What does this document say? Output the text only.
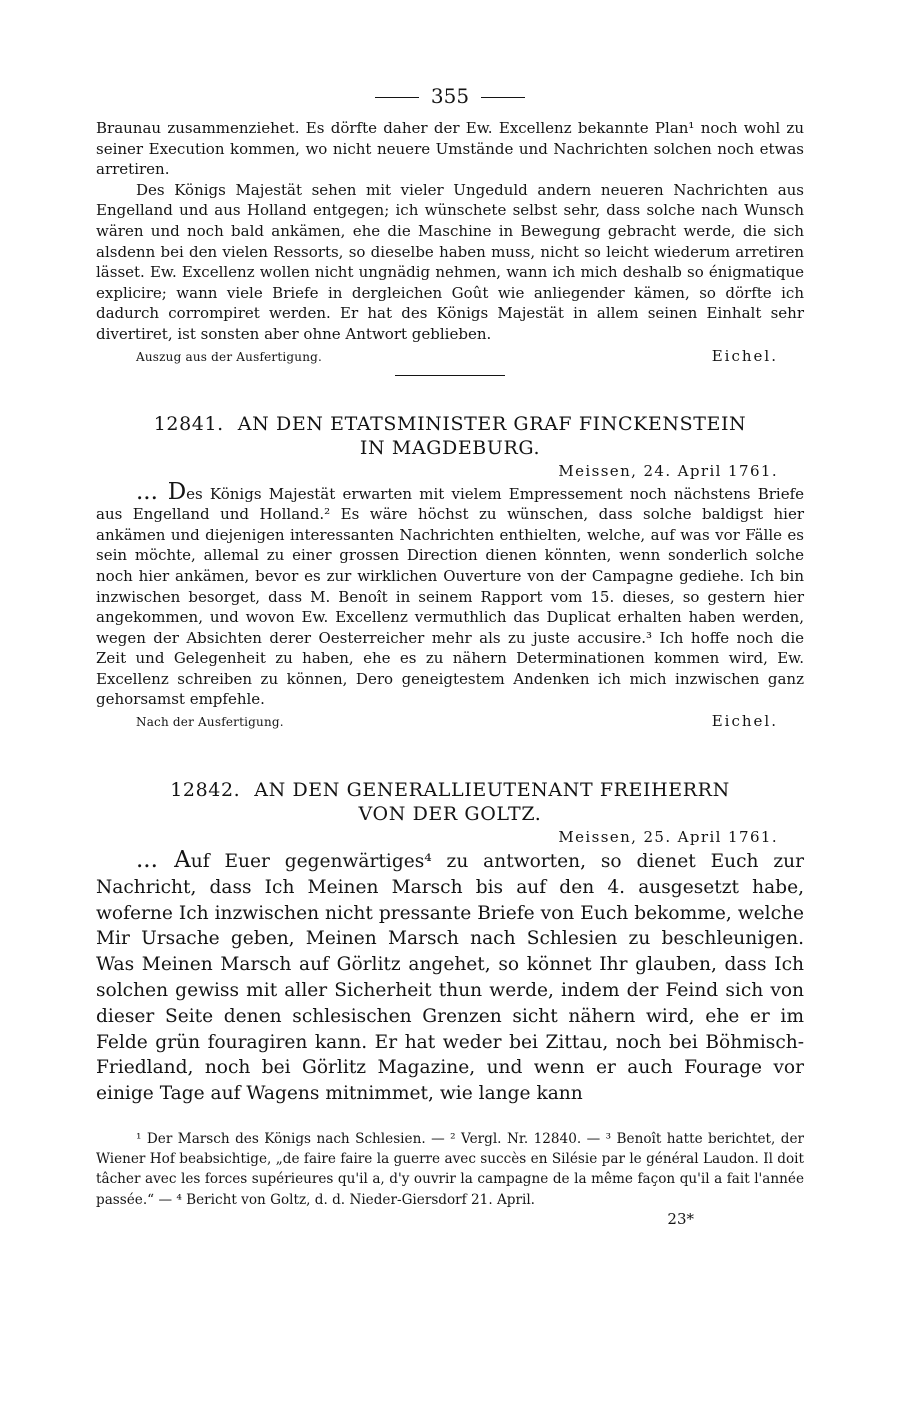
355

Braunau zusammenziehet. Es dörfte daher der Ew. Excellenz bekannte Plan¹ noch wohl zu seiner Execution kommen, wo nicht neuere Umstände und Nachrichten solchen noch etwas arretiren.

Des Königs Majestät sehen mit vieler Ungeduld andern neueren Nachrichten aus Engelland und aus Holland entgegen; ich wünschete selbst sehr, dass solche nach Wunsch wären und noch bald ankämen, ehe die Maschine in Bewegung gebracht werde, die sich alsdenn bei den vielen Ressorts, so dieselbe haben muss, nicht so leicht wiederum arretiren lässet. Ew. Excellenz wollen nicht ungnädig nehmen, wann ich mich deshalb so énigmatique explicire; wann viele Briefe in dergleichen Goût wie anliegender kämen, so dörfte ich dadurch corrompiret werden. Er hat des Königs Majestät in allem seinen Einhalt sehr divertiret, ist sonsten aber ohne Antwort geblieben.

Auszug aus der Ausfertigung.	Eichel.
12841. AN DEN ETATSMINISTER GRAF FINCKENSTEIN
IN MAGDEBURG.
Meissen, 24. April 1761.

... Des Königs Majestät erwarten mit vielem Empressement noch nächstens Briefe aus Engelland und Holland.² Es wäre höchst zu wünschen, dass solche baldigst hier ankämen und diejenigen interessanten Nachrichten enthielten, welche, auf was vor Fälle es sein möchte, allemal zu einer grossen Direction dienen könnten, wenn sonderlich solche noch hier ankämen, bevor es zur wirklichen Ouverture von der Campagne gediehe. Ich bin inzwischen besorget, dass M. Benoît in seinem Rapport vom 15. dieses, so gestern hier angekommen, und wovon Ew. Excellenz vermuthlich das Duplicat erhalten haben werden, wegen der Absichten derer Oesterreicher mehr als zu juste accusire.³ Ich hoffe noch die Zeit und Gelegenheit zu haben, ehe es zu nähern Determinationen kommen wird, Ew. Excellenz schreiben zu können, Dero geneigtestem Andenken ich mich inzwischen ganz gehorsamst empfehle.

Nach der Ausfertigung.	Eichel.
12842. AN DEN GENERALLIEUTENANT FREIHERRN
VON DER GOLTZ.
Meissen, 25. April 1761.

... Auf Euer gegenwärtiges⁴ zu antworten, so dienet Euch zur Nachricht, dass Ich Meinen Marsch bis auf den 4. ausgesetzt habe, woferne Ich inzwischen nicht pressante Briefe von Euch bekomme, welche Mir Ursache geben, Meinen Marsch nach Schlesien zu beschleunigen. Was Meinen Marsch auf Görlitz angehet, so könnet Ihr glauben, dass Ich solchen gewiss mit aller Sicherheit thun werde, indem der Feind sich von dieser Seite denen schlesischen Grenzen sicht nähern wird, ehe er im Felde grün fouragiren kann. Er hat weder bei Zittau, noch bei Böhmisch-Friedland, noch bei Görlitz Magazine, und wenn er auch Fourage vor einige Tage auf Wagens mitnimmet, wie lange kann

¹ Der Marsch des Königs nach Schlesien. — ² Vergl. Nr. 12840. — ³ Benoît hatte berichtet, der Wiener Hof beabsichtige, „de faire faire la guerre avec succès en Silésie par le général Laudon. Il doit tâcher avec les forces supérieures qu'il a, d'y ouvrir la campagne de la même façon qu'il a fait l'année passée.“ — ⁴ Bericht von Goltz, d. d. Nieder-Giersdorf 21. April.

23*
